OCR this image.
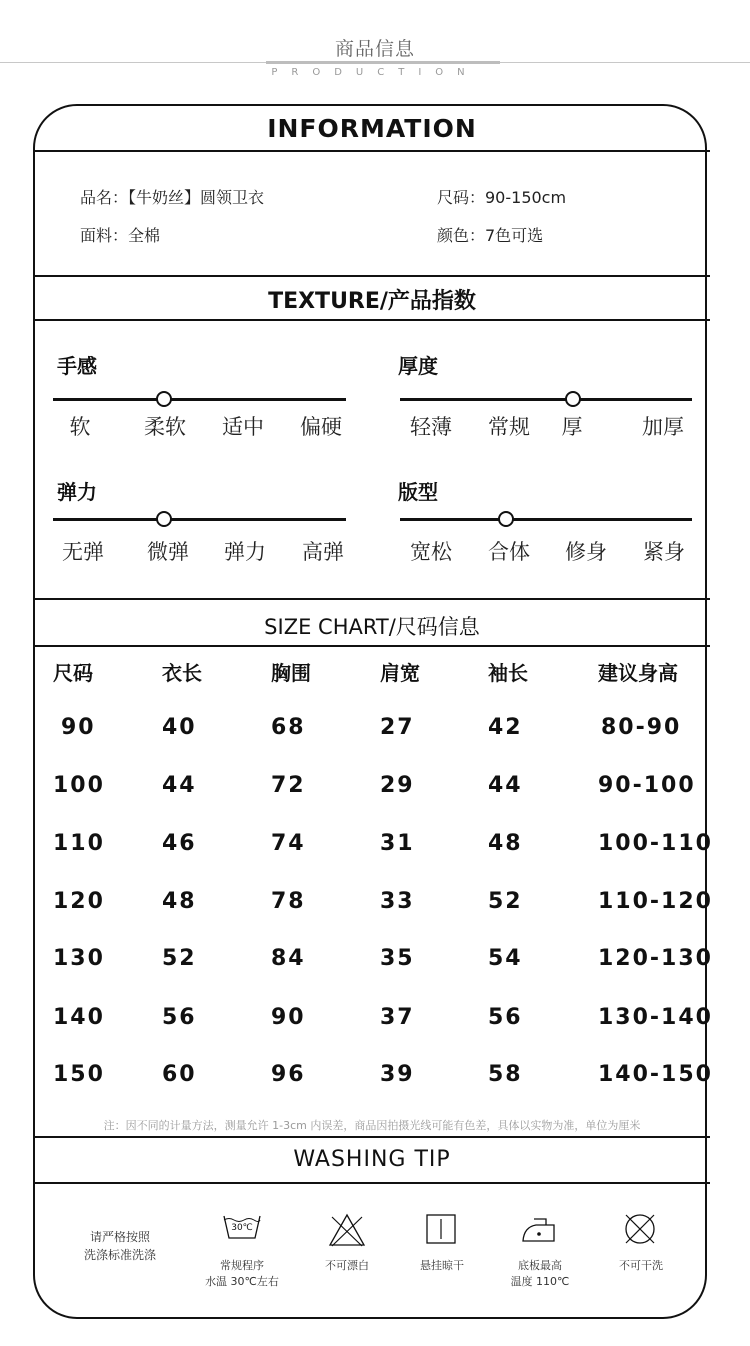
商品信息
PRODUCTION
INFORMATION
品名：【牛奶丝】圆领卫衣
面料：全棉
尺码：90-150cm
颜色：7色可选
TEXTURE/产品指数
手感
软	柔软	适中	偏硬
厚度
轻薄	常规	厚	加厚
弹力
无弹	微弹	弹力	高弹
版型
宽松	合体	修身	紧身
SIZE CHART/尺码信息
尺码	衣长	胸围	肩宽	袖长	建议身高
90	40	68	27	42	80-90
100	44	72	29	44	90-100
110	46	74	31	48	100-110
120	48	78	33	52	110-120
130	52	84	35	54	120-130
140	56	90	37	56	130-140
150	60	96	39	58	140-150
注：因不同的计量方法，测量允许 1-3cm 内误差，商品因拍摄光线可能有色差，具体以实物为准，单位为厘米
WASHING TIP
请严格按照
洗涤标准洗涤
30℃
常规程序
水温 30℃左右
不可漂白	悬挂晾干	底板最高
温度 110℃
不可干洗
